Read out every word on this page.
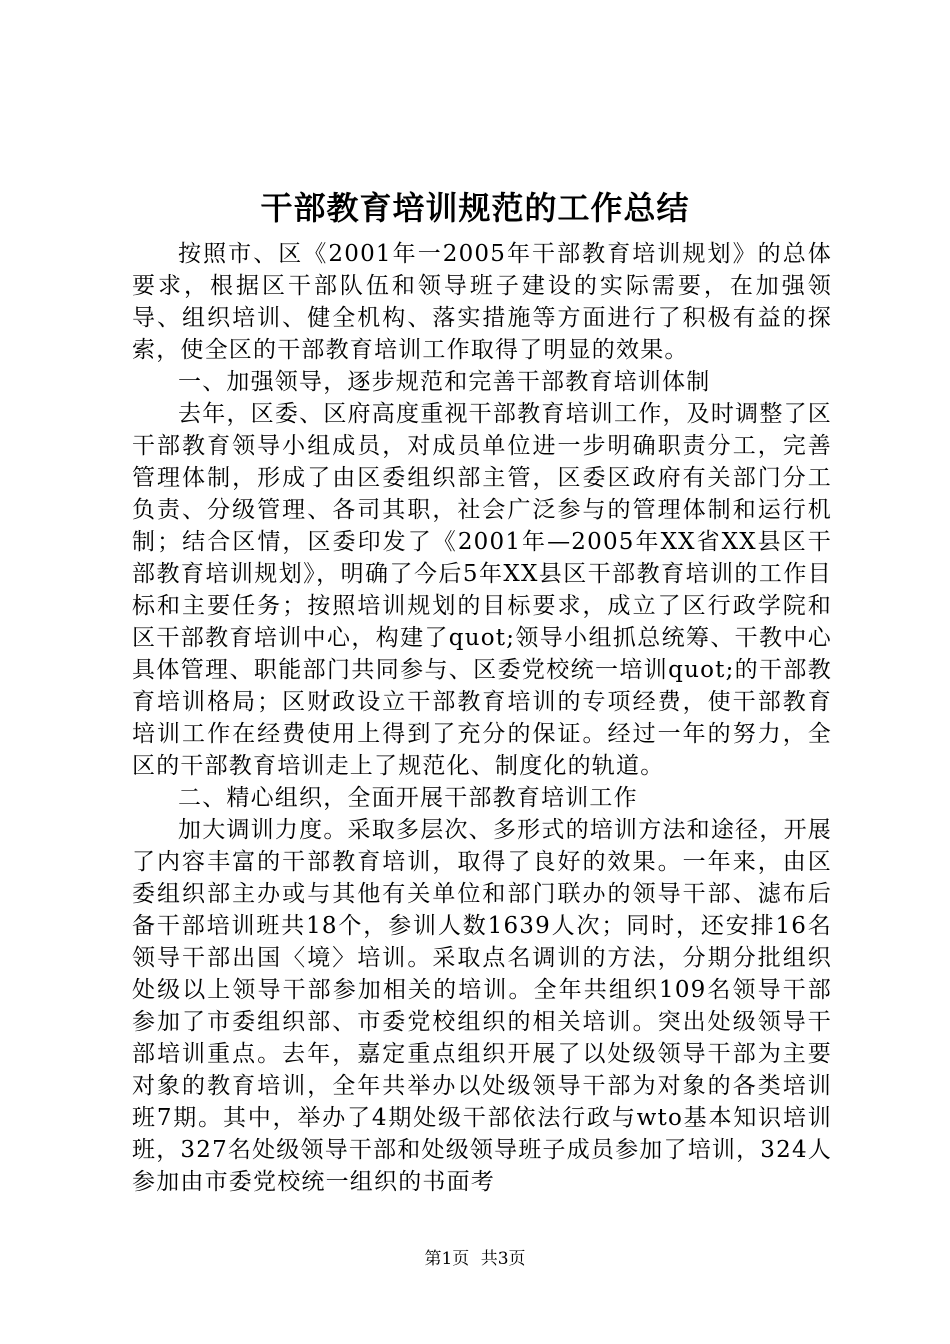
干部教育培训规范的工作总结

按照市、区《2001年一2005年干部教育培训规划》的总体要求，根据区干部队伍和领导班子建设的实际需要，在加强领导、组织培训、健全机构、落实措施等方面进行了积极有益的探索，使全区的干部教育培训工作取得了明显的效果。

一、加强领导，逐步规范和完善干部教育培训体制

去年，区委、区府高度重视干部教育培训工作，及时调整了区干部教育领导小组成员，对成员单位进一步明确职责分工，完善管理体制，形成了由区委组织部主管，区委区政府有关部门分工负责、分级管理、各司其职，社会广泛参与的管理体制和运行机制；结合区情，区委印发了《2001年—2005年XX省XX县区干部教育培训规划》，明确了今后5年XX县区干部教育培训的工作目标和主要任务；按照培训规划的目标要求，成立了区行政学院和区干部教育培训中心，构建了quot;领导小组抓总统筹、干教中心具体管理、职能部门共同参与、区委党校统一培训quot;的干部教育培训格局；区财政设立干部教育培训的专项经费，使干部教育培训工作在经费使用上得到了充分的保证。经过一年的努力，全区的干部教育培训走上了规范化、制度化的轨道。

二、精心组织，全面开展干部教育培训工作

加大调训力度。采取多层次、多形式的培训方法和途径，开展了内容丰富的干部教育培训，取得了良好的效果。一年来，由区委组织部主办或与其他有关单位和部门联办的领导干部、滤布后备干部培训班共18个，参训人数1639人次；同时，还安排16名领导干部出国〈境〉培训。采取点名调训的方法，分期分批组织处级以上领导干部参加相关的培训。全年共组织109名领导干部参加了市委组织部、市委党校组织的相关培训。突出处级领导干部培训重点。去年，嘉定重点组织开展了以处级领导干部为主要对象的教育培训，全年共举办以处级领导干部为对象的各类培训班7期。其中，举办了4期处级干部依法行政与wto基本知识培训班，327名处级领导干部和处级领导班子成员参加了培训，324人参加由市委党校统一组织的书面考

第1页 共3页
